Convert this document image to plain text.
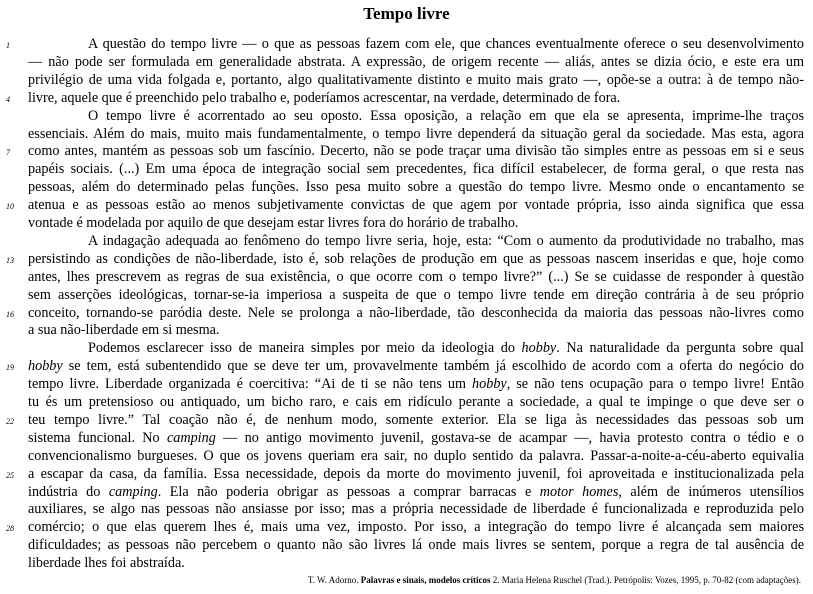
Tempo livre
1
4
7
10
13
16
19
22
25
28
A questão do tempo livre — o que as pessoas fazem com ele, que chances eventualmente oferece o seu desenvolvimento
— não pode ser formulada em generalidade abstrata. A expressão, de origem recente — aliás, antes se dizia ócio, e este era um
privilégio de uma vida folgada e, portanto, algo qualitativamente distinto e muito mais grato —, opõe-se a outra: à de tempo não-
livre, aquele que é preenchido pelo trabalho e, poderíamos acrescentar, na verdade, determinado de fora.
O tempo livre é acorrentado ao seu oposto. Essa oposição, a relação em que ela se apresenta, imprime-lhe traços
essenciais. Além do mais, muito mais fundamentalmente, o tempo livre dependerá da situação geral da sociedade. Mas esta, agora
como antes, mantém as pessoas sob um fascínio. Decerto, não se pode traçar uma divisão tão simples entre as pessoas em si e seus
papéis sociais. (...) Em uma época de integração social sem precedentes, fica difícil estabelecer, de forma geral, o que resta nas
pessoas, além do determinado pelas funções. Isso pesa muito sobre a questão do tempo livre. Mesmo onde o encantamento se
atenua e as pessoas estão ao menos subjetivamente convictas de que agem por vontade própria, isso ainda significa que essa
vontade é modelada por aquilo de que desejam estar livres fora do horário de trabalho.
A indagação adequada ao fenômeno do tempo livre seria, hoje, esta: “Com o aumento da produtividade no trabalho, mas
persistindo as condições de não-liberdade, isto é, sob relações de produção em que as pessoas nascem inseridas e que, hoje como
antes, lhes prescrevem as regras de sua existência, o que ocorre com o tempo livre?” (...) Se se cuidasse de responder à questão
sem asserções ideológicas, tornar-se-ia imperiosa a suspeita de que o tempo livre tende em direção contrária à de seu próprio
conceito, tornando-se paródia deste. Nele se prolonga a não-liberdade, tão desconhecida da maioria das pessoas não-livres como
a sua não-liberdade em si mesma.
Podemos esclarecer isso de maneira simples por meio da ideologia do hobby. Na naturalidade da pergunta sobre qual
hobby se tem, está subentendido que se deve ter um, provavelmente também já escolhido de acordo com a oferta do negócio do
tempo livre. Liberdade organizada é coercitiva: “Ai de ti se não tens um hobby, se não tens ocupação para o tempo livre! Então
tu és um pretensioso ou antiquado, um bicho raro, e cais em ridículo perante a sociedade, a qual te impinge o que deve ser o
teu tempo livre.” Tal coação não é, de nenhum modo, somente exterior. Ela se liga às necessidades das pessoas sob um
sistema funcional. No camping — no antigo movimento juvenil, gostava-se de acampar —, havia protesto contra o tédio e o
convencionalismo burgueses. O que os jovens queriam era sair, no duplo sentido da palavra. Passar-a-noite-a-céu-aberto equivalia
a escapar da casa, da família. Essa necessidade, depois da morte do movimento juvenil, foi aproveitada e institucionalizada pela
indústria do camping. Ela não poderia obrigar as pessoas a comprar barracas e motor homes, além de inúmeros utensílios
auxiliares, se algo nas pessoas não ansiasse por isso; mas a própria necessidade de liberdade é funcionalizada e reproduzida pelo
comércio; o que elas querem lhes é, mais uma vez, imposto. Por isso, a integração do tempo livre é alcançada sem maiores
dificuldades; as pessoas não percebem o quanto não são livres lá onde mais livres se sentem, porque a regra de tal ausência de
liberdade lhes foi abstraída.
T. W. Adorno. Palavras e sinais, modelos críticos 2. Maria Helena Ruschel (Trad.). Petrópolis: Vozes, 1995, p. 70-82 (com adaptações).
